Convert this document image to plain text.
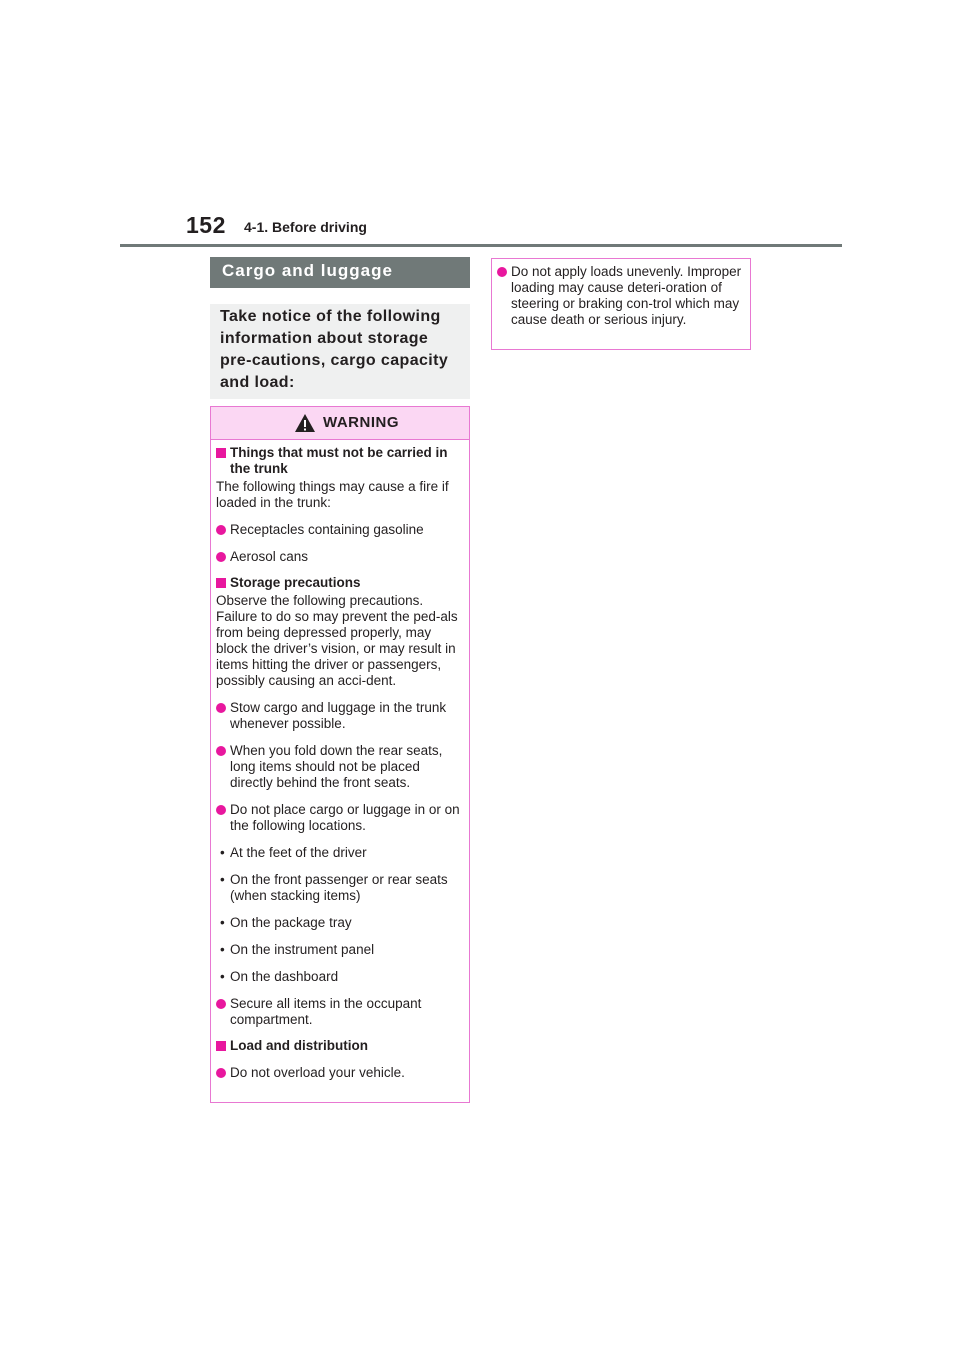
152 4-1. Before driving
Cargo and luggage
Take notice of the following information about storage pre-cautions, cargo capacity and load:
WARNING
Things that must not be carried in the trunk
The following things may cause a fire if loaded in the trunk:
Receptacles containing gasoline
Aerosol cans
Storage precautions
Observe the following precautions. Failure to do so may prevent the ped-als from being depressed properly, may block the driver’s vision, or may result in items hitting the driver or passengers, possibly causing an acci-dent.
Stow cargo and luggage in the trunk whenever possible.
When you fold down the rear seats, long items should not be placed directly behind the front seats.
Do not place cargo or luggage in or on the following locations.
• At the feet of the driver
• On the front passenger or rear seats (when stacking items)
• On the package tray
• On the instrument panel
• On the dashboard
Secure all items in the occupant compartment.
Load and distribution
Do not overload your vehicle.
Do not apply loads unevenly. Improper loading may cause deteri-oration of steering or braking con-trol which may cause death or serious injury.
